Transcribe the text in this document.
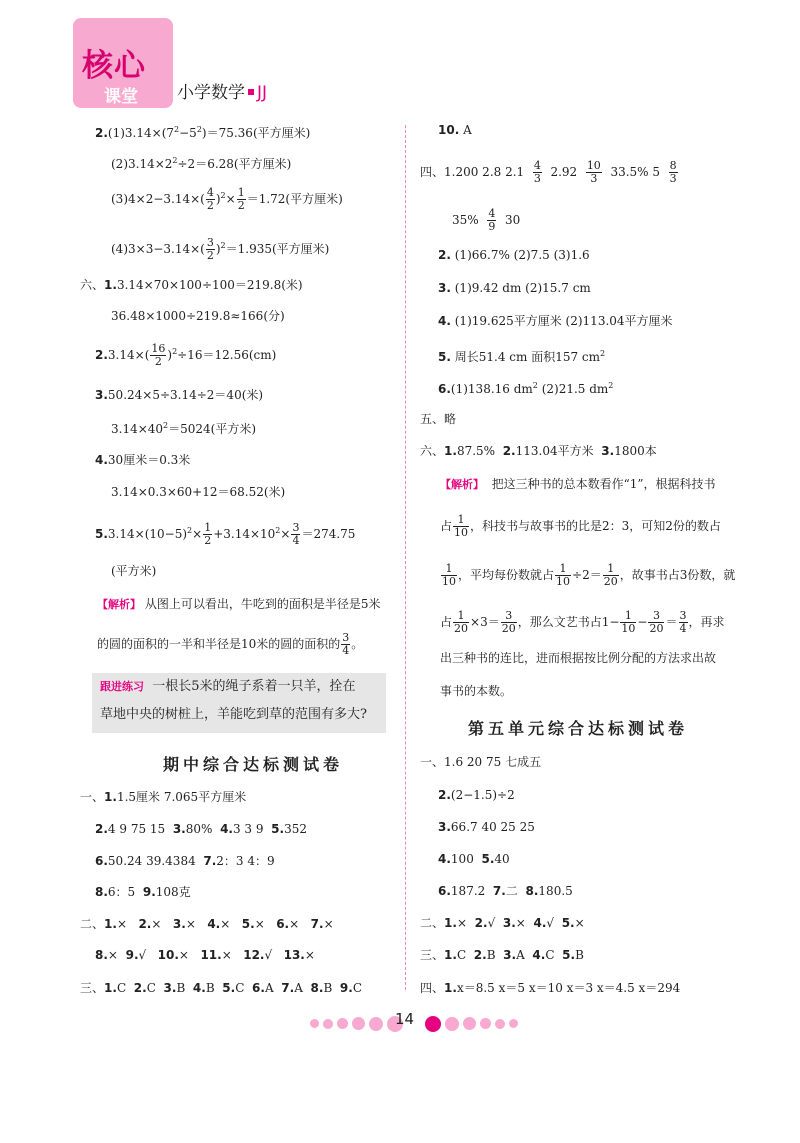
核心
课堂 小学数学 JJ
$2.(1)3.14\times(7^2-5^2)=75.36$(平方厘米)
$(2)3.14\times 2^2\div 2=6.28$(平方厘米)
$(3)4\times 2-3.14\times( \frac{4}{2} )^2\times \frac{1}{2} =1.72$(平方厘米)
$(4)3\times 3-3.14\times( \frac{3}{2} )^2=1.935$(平方厘米)
六、1.3.14×70×100÷100＝219.8(米)
36.48×1000÷219.8≈166(分)
$2.3.14\times( \frac{16}{2} )^2\div 16=12.56(cm)$
3.50.24×5÷3.14÷2＝40(米)
$3.14\times 40^2=5024$(平方米)
4.30厘米＝0.3米
3.14×0.3×60+12＝68.52(米)
$5.3.14\times(10-5)^2\times \frac{1}{2} +3.14\times 10^2\times \frac{3}{4} =274.75$
(平方米)
【解析】 从图上可以看出，牛吃到的面积是半径是5米
的圆的面积的一半和半径是10米的圆的面积的 $\frac{3}{4}$ 。
跟进练习 一根长5米的绳子系着一只羊，拴在
草地中央的树桩上，羊能吃到草的范围有多大?
期中综合达标测试卷
一、1.1.5厘米 7.065平方厘米
2.4 9 75 15 3.80% 4.3 3 9 5.352
6.50.24 39.4384 7.2：3 4：9
8.6：5 9.108克
二、1.× 2.× 3.× 4.× 5.× 6.× 7.×
8.× 9.√ 10.× 11.× 12.√ 13.×
三、1.C 2.C 3.B 4.B 5.C 6.A 7.A 8.B 9.C
10. A
四、1.200 2.8 $2.1 \frac{4}{3} 2.92 \frac{10}{3} 33.5\%$ $5 \frac{8}{3}$
$35\% \frac{4}{9} 30$
2. (1)66.7% (2)7.5 (3)1.6
3. (1)9.42 dm (2)15.7 cm
4. (1)19.625平方厘米 (2)113.04平方厘米
5. 周长51.4 cm 面积157 $cm^2$
6.(1)138.16 $dm^2$ (2)21.5 $dm^2$
五、略
六、1.87.5% 2.113.04平方米 3.1800本
【解析】 把这三种书的总本数看作“1”，根据科技书
占 $\frac{1}{10}$ ，科技书与故事书的比是2：3，可知2份的数占
$\frac{1}{10}$ ，平均每份数就占 $\frac{1}{10} \div 2= \frac{1}{20}$ ，故事书占3份数，就
占 $\frac{1}{20} \times 3= \frac{3}{20}$ ，那么文艺书占$1- \frac{1}{10} - \frac{3}{20} = \frac{3}{4}$ ，再求
出三种书的连比，进而根据按比例分配的方法求出故
事书的本数。
第五单元综合达标测试卷
一、1.6 20 75 七成五
2.(2−1.5)÷2
3.66.7 40 25 25
4.100 5.40
6.187.2 7.二 8.180.5
二、1.× 2.√ 3.× 4.√ 5.×
三、1.C 2.B 3.A 4.C 5.B
四、1.x＝8.5 x＝5 x＝10 x＝3 x＝4.5 x＝294
14
